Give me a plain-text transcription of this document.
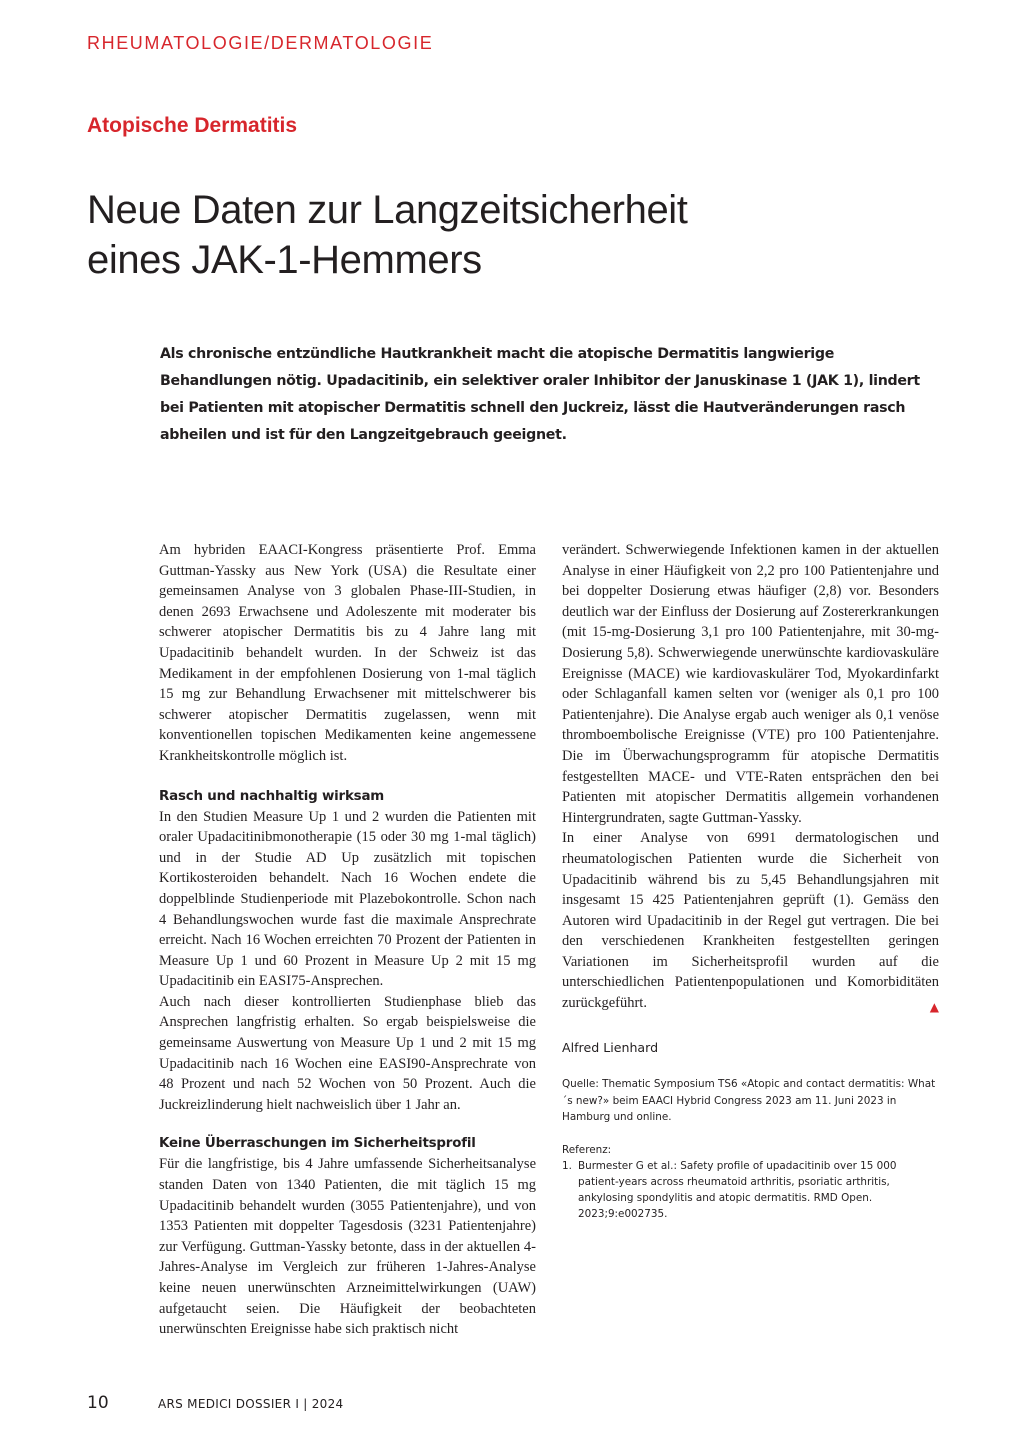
RHEUMATOLOGIE/DERMATOLOGIE
Atopische Dermatitis
Neue Daten zur Langzeitsicherheit
eines JAK-1-Hemmers
Als chronische entzündliche Hautkrankheit macht die atopische Dermatitis langwierige Behandlungen nötig. Upadacitinib, ein selektiver oraler Inhibitor der Januskinase 1 (JAK 1), lindert bei Patienten mit atopischer Dermatitis schnell den Juckreiz, lässt die Hautveränderungen rasch abheilen und ist für den Langzeitgebrauch geeignet.

Am hybriden EAACI-Kongress präsentierte Prof. Emma Guttman-Yassky aus New York (USA) die Resultate einer gemeinsamen Analyse von 3 globalen Phase-III-Studien, in denen 2693 Erwachsene und Adoleszente mit moderater bis schwerer atopischer Dermatitis bis zu 4 Jahre lang mit Upadacitinib behandelt wurden. In der Schweiz ist das Medikament in der empfohlenen Dosierung von 1-mal täglich 15 mg zur Behandlung Erwachsener mit mittelschwerer bis schwerer atopischer Dermatitis zugelassen, wenn mit konventionellen topischen Medikamenten keine angemessene Krankheitskontrolle möglich ist.

Rasch und nachhaltig wirksam

In den Studien Measure Up 1 und 2 wurden die Patienten mit oraler Upadacitinibmonotherapie (15 oder 30 mg 1-mal täglich) und in der Studie AD Up zusätzlich mit topischen Kortikosteroiden behandelt. Nach 16 Wochen endete die doppelblinde Studienperiode mit Plazebokontrolle. Schon nach 4 Behandlungswochen wurde fast die maximale Ansprechrate erreicht. Nach 16 Wochen erreichten 70 Prozent der Patienten in Measure Up 1 und 60 Prozent in Measure Up 2 mit 15 mg Upadacitinib ein EASI75-Ansprechen.

Auch nach dieser kontrollierten Studienphase blieb das Ansprechen langfristig erhalten. So ergab beispielsweise die gemeinsame Auswertung von Measure Up 1 und 2 mit 15 mg Upadacitinib nach 16 Wochen eine EASI90-Ansprechrate von 48 Prozent und nach 52 Wochen von 50 Prozent. Auch die Juckreizlinderung hielt nachweislich über 1 Jahr an.

Keine Überraschungen im Sicherheitsprofil

Für die langfristige, bis 4 Jahre umfassende Sicherheitsanalyse standen Daten von 1340 Patienten, die mit täglich 15 mg Upadacitinib behandelt wurden (3055 Patientenjahre), und von 1353 Patienten mit doppelter Tagesdosis (3231 Patientenjahre) zur Verfügung. Guttman-Yassky betonte, dass in der aktuellen 4-Jahres-Analyse im Vergleich zur früheren 1-Jahres-Analyse keine neuen unerwünschten Arzneimittelwirkungen (UAW) aufgetaucht seien. Die Häufigkeit der beobachteten unerwünschten Ereignisse habe sich praktisch nicht

verändert. Schwerwiegende Infektionen kamen in der aktuellen Analyse in einer Häufigkeit von 2,2 pro 100 Patientenjahre und bei doppelter Dosierung etwas häufiger (2,8) vor. Besonders deutlich war der Einfluss der Dosierung auf Zostererkrankungen (mit 15-mg-Dosierung 3,1 pro 100 Patientenjahre, mit 30-mg-Dosierung 5,8). Schwerwiegende unerwünschte kardiovaskuläre Ereignisse (MACE) wie kardiovaskulärer Tod, Myokardinfarkt oder Schlaganfall kamen selten vor (weniger als 0,1 pro 100 Patientenjahre). Die Analyse ergab auch weniger als 0,1 venöse thromboembolische Ereignisse (VTE) pro 100 Patientenjahre. Die im Überwachungsprogramm für atopische Dermatitis festgestellten MACE- und VTE-Raten entsprächen den bei Patienten mit atopischer Dermatitis allgemein vorhandenen Hintergrundraten, sagte Guttman-Yassky.

In einer Analyse von 6991 dermatologischen und rheumatologischen Patienten wurde die Sicherheit von Upadacitinib während bis zu 5,45 Behandlungsjahren mit insgesamt 15 425 Patientenjahren geprüft (1). Gemäss den Autoren wird Upadacitinib in der Regel gut vertragen. Die bei den verschiedenen Krankheiten festgestellten geringen Variationen im Sicherheitsprofil wurden auf die unterschiedlichen Patientenpopulationen und Komorbiditäten zurückgeführt.	▲

Alfred Lienhard
Quelle: Thematic Symposium TS6 «Atopic and contact dermatitis: What´s new?» beim EAACI Hybrid Congress 2023 am 11. Juni 2023 in Hamburg und online.
Referenz:
1. Burmester G et al.: Safety profile of upadacitinib over 15 000 patient-years across rheumatoid arthritis, psoriatic arthritis, ankylosing spondylitis and atopic dermatitis. RMD Open. 2023;9:e002735.
10	ARS MEDICI DOSSIER I | 2024
